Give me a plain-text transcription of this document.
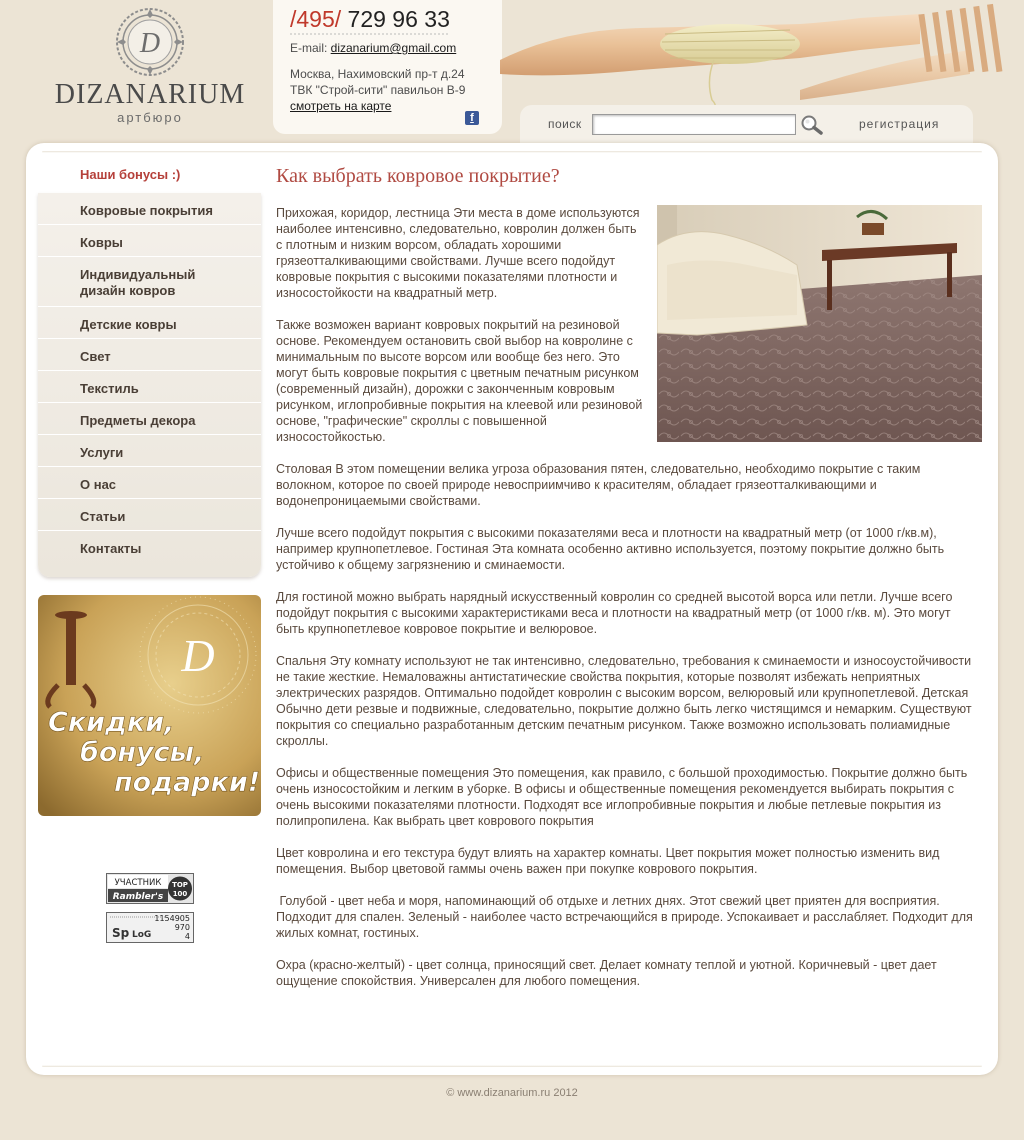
D
DIZANARIUM
артбюро
/495/ 729 96 33
E-mail: dizanarium@gmail.com
Москва, Нахимовский пр-т д.24
ТВК "Строй-сити" павильон В-9
смотреть на карте
f	поиск	регистрация
Наши бонусы :)
Ковровые покрытия
Ковры
Индивидуальный дизайн ковров
Детские ковры
Свет
Текстиль
Предметы декора
Услуги
О нас
Статьи
Контакты
D
Скидки,
бонусы,
подарки!
УЧАСТНИК
Rambler's
TOP
100
1154905
970
4
Sp LoG
Как выбрать ковровое покрытие?

Прихожая, коридор, лестница Эти места в доме используются наиболее интенсивно, следовательно, ковролин должен быть с плотным и низким ворсом, обладать хорошими грязеотталкивающими свойствами. Лучше всего подойдут ковровые покрытия с высокими показателями плотности и износостойкости на квадратный метр.

Также возможен вариант ковровых покрытий на резиновой основе. Рекомендуем остановить свой выбор на ковролине с минимальным по высоте ворсом или вообще без него. Это могут быть ковровые покрытия с цветным печатным рисунком (современный дизайн), дорожки с законченным ковровым рисунком, иглопробивные покрытия на клеевой или резиновой основе, "графические" скроллы с повышенной износостойкостью.

Столовая В этом помещении велика угроза образования пятен, следовательно, необходимо покрытие с таким волокном, которое по своей природе невосприимчиво к красителям, обладает грязеотталкивающими и водонепроницаемыми свойствами.

Лучше всего подойдут покрытия с высокими показателями веса и плотности на квадратный метр (от 1000 г/кв.м), например крупнопетлевое. Гостиная Эта комната особенно активно используется, поэтому покрытие должно быть устойчиво к общему загрязнению и сминаемости.

Для гостиной можно выбрать нарядный искусственный ковролин со средней высотой ворса или петли. Лучше всего подойдут покрытия с высокими характеристиками веса и плотности на квадратный метр (от 1000 г/кв. м). Это могут быть крупнопетлевое ковровое покрытие и велюровое.

Спальня Эту комнату используют не так интенсивно, следовательно, требования к сминаемости и износоустойчивости не такие жесткие. Немаловажны антистатические свойства покрытия, которые позволят избежать неприятных электрических разрядов. Оптимально подойдет ковролин с высоким ворсом, велюровый или крупнопетлевой. Детская Обычно дети резвые и подвижные, следовательно, покрытие должно быть легко чистящимся и немарким. Существуют покрытия со специально разработанным детским печатным рисунком. Также возможно использовать полиамидные скроллы.

Офисы и общественные помещения Это помещения, как правило, с большой проходимостью. Покрытие должно быть очень износостойким и легким в уборке. В офисы и общественные помещения рекомендуется выбирать покрытия с очень высокими показателями плотности. Подходят все иглопробивные покрытия и любые петлевые покрытия из полипропилена. Как выбрать цвет коврового покрытия

Цвет ковролина и его текстура будут влиять на характер комнаты. Цвет покрытия может полностью изменить вид помещения. Выбор цветовой гаммы очень важен при покупке коврового покрытия.

Голубой - цвет неба и моря, напоминающий об отдыхе и летних днях. Этот свежий цвет приятен для восприятия. Подходит для спален. Зеленый - наиболее часто встречающийся в природе. Успокаивает и расслабляет. Подходит для жилых комнат, гостиных.

Охра (красно-желтый) - цвет солнца, приносящий свет. Делает комнату теплой и уютной. Коричневый - цвет дает ощущение спокойствия. Универсален для любого помещения.

© www.dizanarium.ru 2012
